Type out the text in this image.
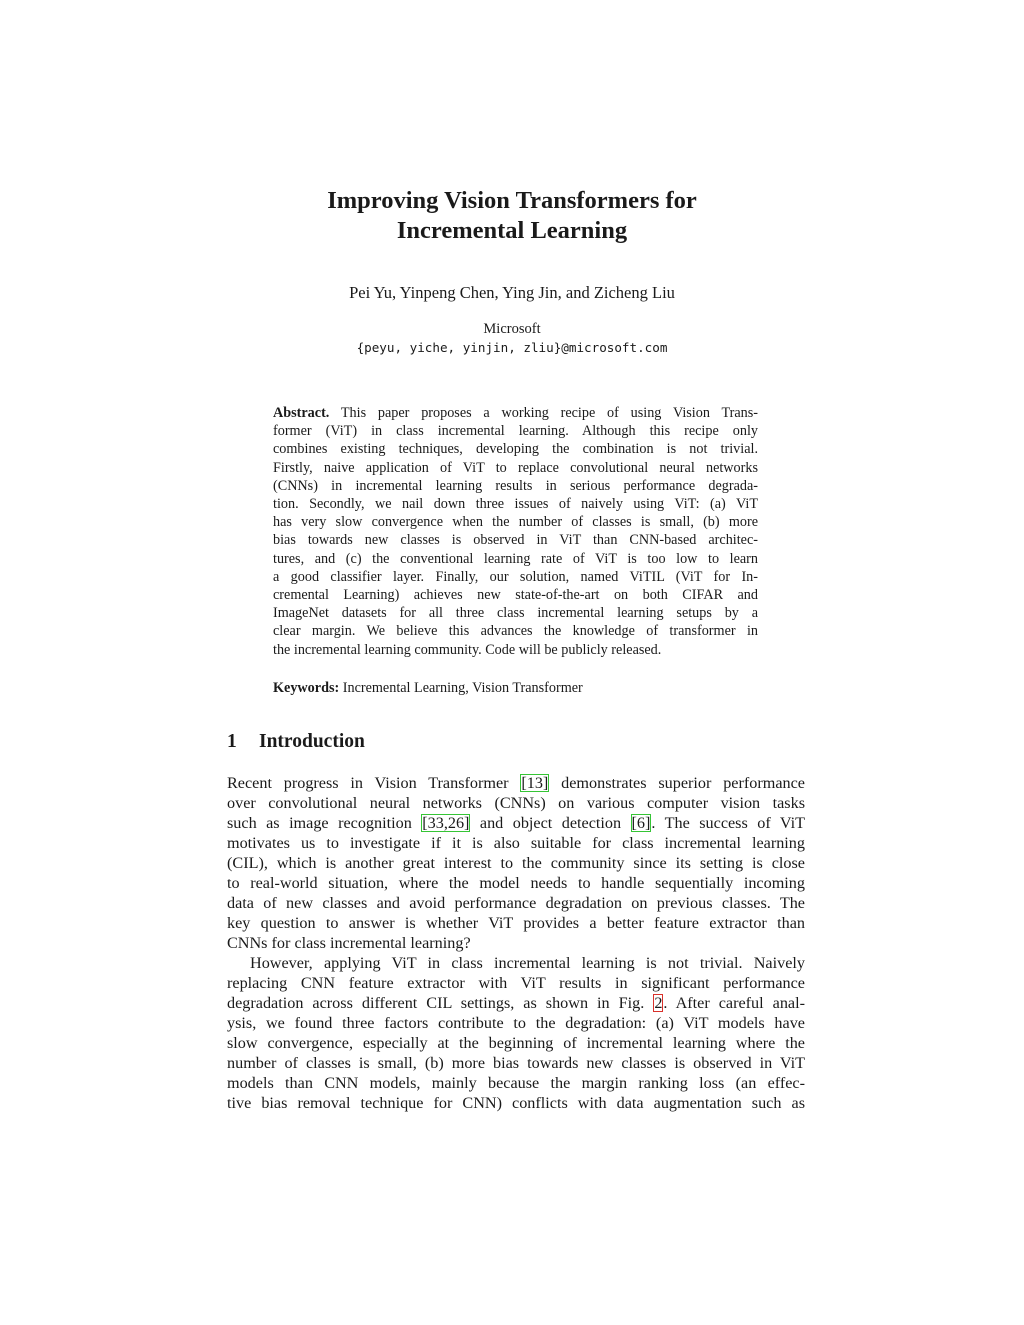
Improving Vision Transformers for
Incremental Learning
Pei Yu, Yinpeng Chen, Ying Jin, and Zicheng Liu
Microsoft
{peyu, yiche, yinjin, zliu}@microsoft.com
Abstract. This paper proposes a working recipe of using Vision Trans-
former (ViT) in class incremental learning. Although this recipe only
combines existing techniques, developing the combination is not trivial.
Firstly, naive application of ViT to replace convolutional neural networks
(CNNs) in incremental learning results in serious performance degrada-
tion. Secondly, we nail down three issues of naively using ViT: (a) ViT
has very slow convergence when the number of classes is small, (b) more
bias towards new classes is observed in ViT than CNN-based architec-
tures, and (c) the conventional learning rate of ViT is too low to learn
a good classifier layer. Finally, our solution, named ViTIL (ViT for In-
cremental Learning) achieves new state-of-the-art on both CIFAR and
ImageNet datasets for all three class incremental learning setups by a
clear margin. We believe this advances the knowledge of transformer in
the incremental learning community. Code will be publicly released.
Keywords: Incremental Learning, Vision Transformer
1 Introduction
Recent progress in Vision Transformer [13] demonstrates superior performance
over convolutional neural networks (CNNs) on various computer vision tasks
such as image recognition [33,26] and object detection [6]. The success of ViT
motivates us to investigate if it is also suitable for class incremental learning
(CIL), which is another great interest to the community since its setting is close
to real-world situation, where the model needs to handle sequentially incoming
data of new classes and avoid performance degradation on previous classes. The
key question to answer is whether ViT provides a better feature extractor than
CNNs for class incremental learning?
However, applying ViT in class incremental learning is not trivial. Naively
replacing CNN feature extractor with ViT results in significant performance
degradation across different CIL settings, as shown in Fig. 2. After careful anal-
ysis, we found three factors contribute to the degradation: (a) ViT models have
slow convergence, especially at the beginning of incremental learning where the
number of classes is small, (b) more bias towards new classes is observed in ViT
models than CNN models, mainly because the margin ranking loss (an effec-
tive bias removal technique for CNN) conflicts with data augmentation such as
